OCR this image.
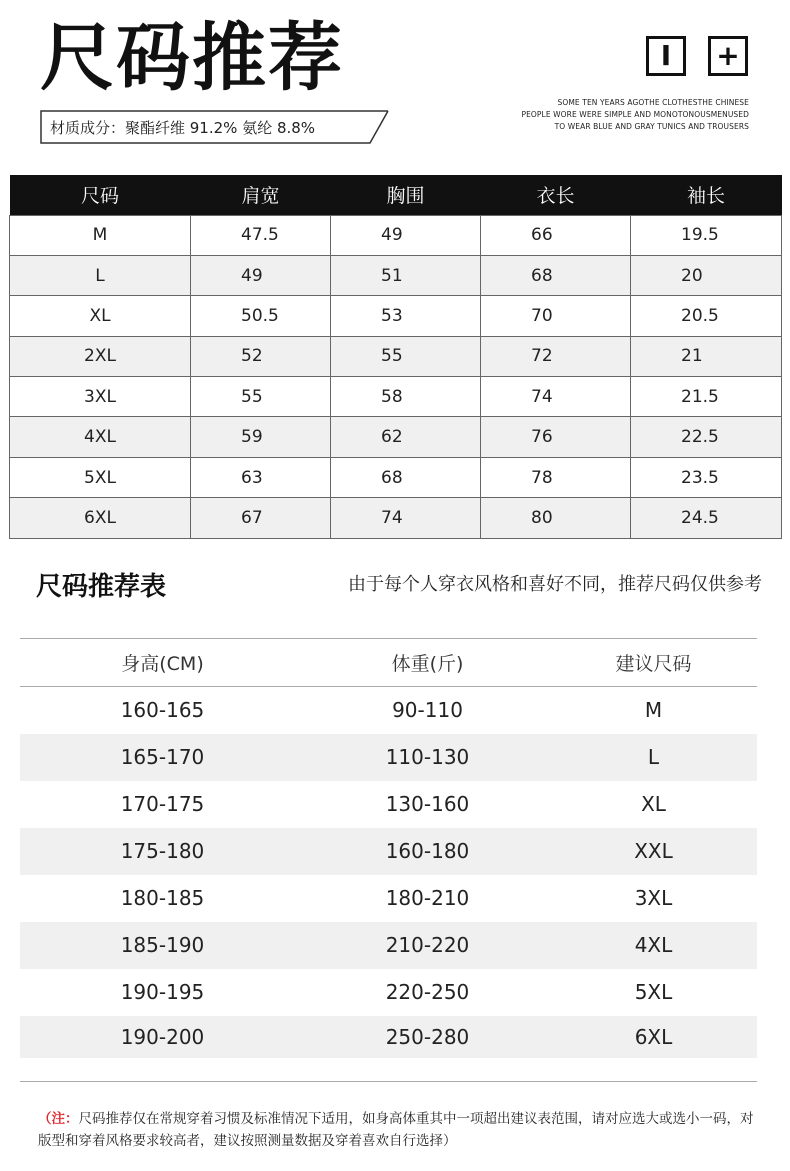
尺码推荐
材质成分：聚酯纤维 91.2% 氨纶 8.8%
I	+
SOME TEN YEARS AGOTHE CLOTHESTHE CHINESE
PEOPLE WORE WERE SIMPLE AND MONOTONOUSMENUSED
TO WEAR BLUE AND GRAY TUNICS AND TROUSERS
尺码	肩宽	胸围	衣长	袖长
M	47.5	49	66	19.5
L	49	51	68	20
XL	50.5	53	70	20.5
2XL	52	55	72	21
3XL	55	58	74	21.5
4XL	59	62	76	22.5
5XL	63	68	78	23.5
6XL	67	74	80	24.5
尺码推荐表	由于每个人穿衣风格和喜好不同，推荐尺码仅供参考
身高(CM)	体重(斤)	建议尺码
160-165	90-110	M
165-170	110-130	L
170-175	130-160	XL
175-180	160-180	XXL
180-185	180-210	3XL
185-190	210-220	4XL
190-195	220-250	5XL
190-200	250-280	6XL

（注：尺码推荐仅在常规穿着习惯及标准情况下适用，如身高体重其中一项超出建议表范围，请对应选大或选小一码，对版型和穿着风格要求较高者，建议按照测量数据及穿着喜欢自行选择）
